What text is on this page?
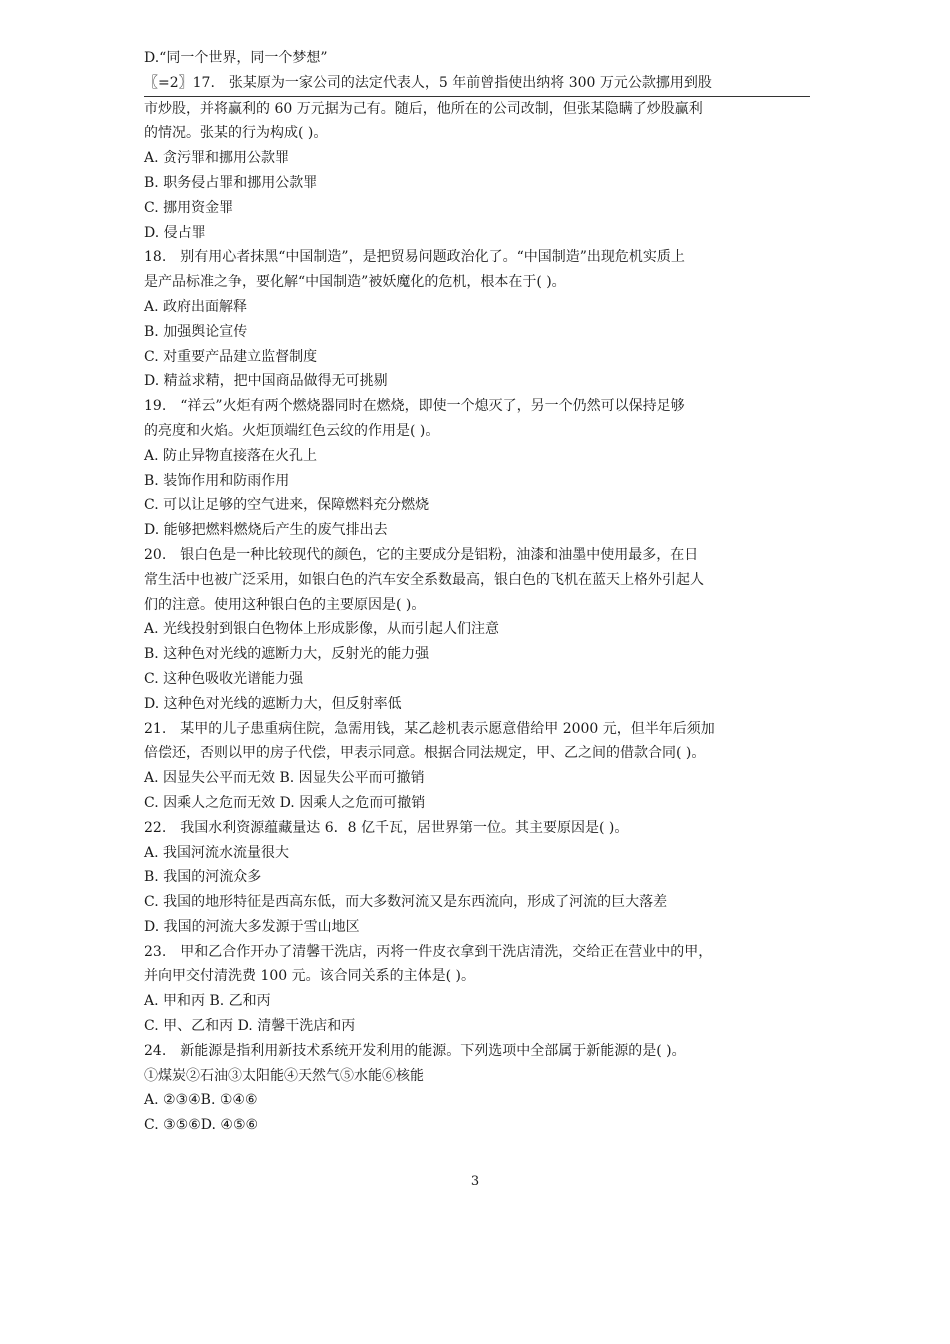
D.“同一个世界，同一个梦想”
〖=2〗17.　张某原为一家公司的法定代表人，5 年前曾指使出纳将 300 万元公款挪用到股
市炒股，并将赢利的 60 万元据为己有。随后，他所在的公司改制，但张某隐瞒了炒股赢利
的情况。张某的行为构成( )。
A. 贪污罪和挪用公款罪
B. 职务侵占罪和挪用公款罪
C. 挪用资金罪
D. 侵占罪
18.　别有用心者抹黑“中国制造”，是把贸易问题政治化了。“中国制造”出现危机实质上
是产品标准之争，要化解“中国制造”被妖魔化的危机，根本在于( )。
A. 政府出面解释
B. 加强舆论宣传
C. 对重要产品建立监督制度
D. 精益求精，把中国商品做得无可挑剔
19.　“祥云”火炬有两个燃烧器同时在燃烧，即使一个熄灭了，另一个仍然可以保持足够
的亮度和火焰。火炬顶端红色云纹的作用是( )。
A. 防止异物直接落在火孔上
B. 装饰作用和防雨作用
C. 可以让足够的空气进来，保障燃料充分燃烧
D. 能够把燃料燃烧后产生的废气排出去
20.　银白色是一种比较现代的颜色，它的主要成分是铝粉，油漆和油墨中使用最多，在日
常生活中也被广泛采用，如银白色的汽车安全系数最高，银白色的飞机在蓝天上格外引起人
们的注意。使用这种银白色的主要原因是( )。
A. 光线投射到银白色物体上形成影像，从而引起人们注意
B. 这种色对光线的遮断力大，反射光的能力强
C. 这种色吸收光谱能力强
D. 这种色对光线的遮断力大，但反射率低
21.　某甲的儿子患重病住院，急需用钱，某乙趁机表示愿意借给甲 2000 元，但半年后须加
倍偿还，否则以甲的房子代偿，甲表示同意。根据合同法规定，甲、乙之间的借款合同( )。
A. 因显失公平而无效 B. 因显失公平而可撤销
C. 因乘人之危而无效 D. 因乘人之危而可撤销
22.　我国水利资源蕴藏量达 6．8 亿千瓦，居世界第一位。其主要原因是( )。
A. 我国河流水流量很大
B. 我国的河流众多
C. 我国的地形特征是西高东低，而大多数河流又是东西流向，形成了河流的巨大落差
D. 我国的河流大多发源于雪山地区
23.　甲和乙合作开办了清馨干洗店，丙将一件皮衣拿到干洗店清洗，交给正在营业中的甲，
并向甲交付清洗费 100 元。该合同关系的主体是( )。
A. 甲和丙 B. 乙和丙
C. 甲、乙和丙 D. 清馨干洗店和丙
24.　新能源是指利用新技术系统开发利用的能源。下列选项中全部属于新能源的是( )。
①煤炭②石油③太阳能④天然气⑤水能⑥核能
A. ②③④B. ①④⑥
C. ③⑤⑥D. ④⑤⑥
3
